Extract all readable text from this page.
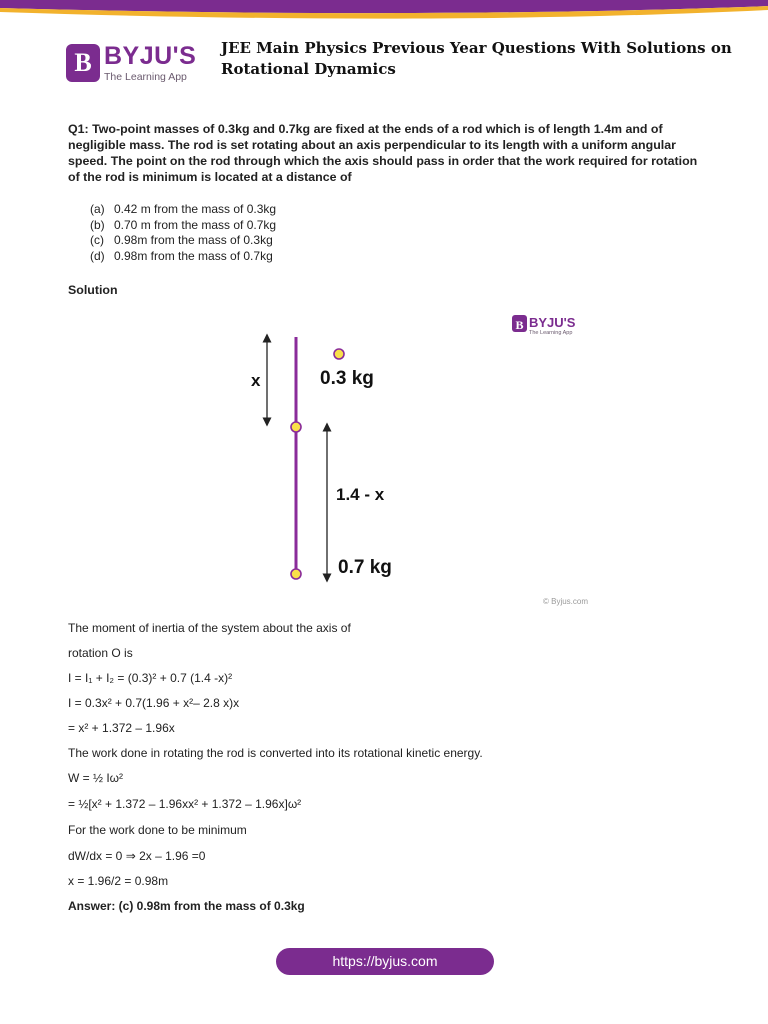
B BYJU'S
The Learning App
JEE Main Physics Previous Year Questions With Solutions on Rotational Dynamics
Q1: Two-point masses of 0.3kg and 0.7kg are fixed at the ends of a rod which is of length 1.4m and of negligible mass. The rod is set rotating about an axis perpendicular to its length with a uniform angular speed. The point on the rod through which the axis should pass in order that the work required for rotation of the rod is minimum is located at a distance of
(a) 0.42 m from the mass of 0.3kg
(b) 0.70 m from the mass of 0.7kg
(c) 0.98m from the mass of 0.3kg
(d) 0.98m from the mass of 0.7kg
Solution
B BYJU'S
The Learning App
x
1.4 - x
0.3 kg
0.7 kg
© Byjus.com
The moment of inertia of the system about the axis of
rotation O is
I = I₁ + I₂ = (0.3)² + 0.7 (1.4 -x)²
I = 0.3x² + 0.7(1.96 + x²– 2.8 x)x
= x² + 1.372 – 1.96x
The work done in rotating the rod is converted into its rotational kinetic energy.
W = ½ Iω²
= ½[x² + 1.372 – 1.96xx² + 1.372 – 1.96x]ω²
For the work done to be minimum
dW/dx = 0 ⇒ 2x – 1.96 =0
x = 1.96/2 = 0.98m
Answer: (c) 0.98m from the mass of 0.3kg
https://byjus.com
